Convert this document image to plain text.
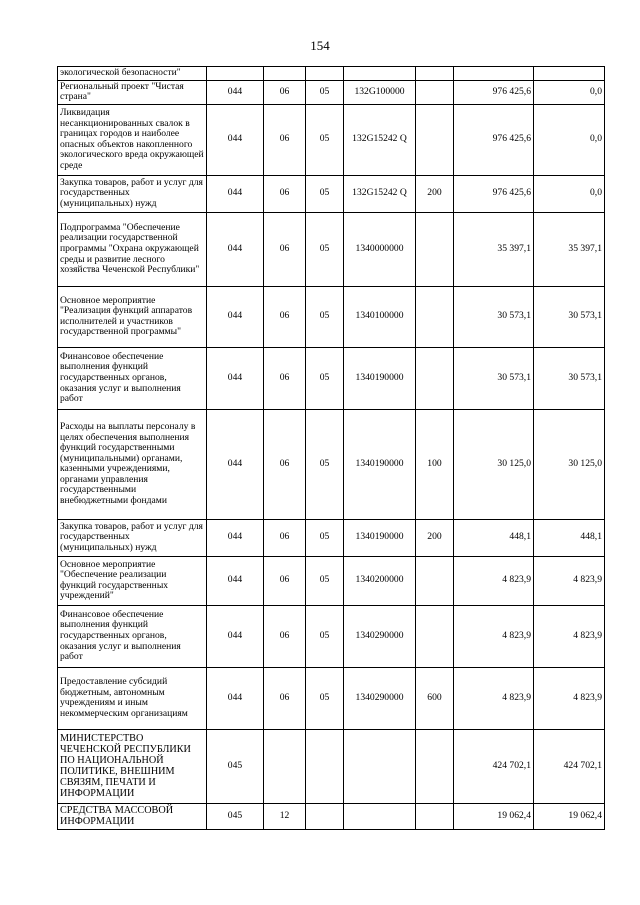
154
экологической безопасности"							
Региональный проект "Чистая страна"	044	06	05	132G100000		976 425,6	0,0
Ликвидация несанкционированных свалок в границах городов и наиболее опасных объектов накопленного экологического вреда окружающей среде	044	06	05	132G15242 Q		976 425,6	0,0
Закупка товаров, работ и услуг для государственных (муниципальных) нужд	044	06	05	132G15242 Q	200	976 425,6	0,0
Подпрограмма "Обеспечение реализации государственной программы "Охрана окружающей среды и развитие лесного хозяйства Чеченской Республики"	044	06	05	1340000000		35 397,1	35 397,1
Основное мероприятие "Реализация функций аппаратов исполнителей и участников государственной программы"	044	06	05	1340100000		30 573,1	30 573,1
Финансовое обеспечение выполнения функций государственных органов, оказания услуг и выполнения работ	044	06	05	1340190000		30 573,1	30 573,1
Расходы на выплаты персоналу в целях обеспечения выполнения функций государственными (муниципальными) органами, казенными учреждениями, органами управления государственными внебюджетными фондами	044	06	05	1340190000	100	30 125,0	30 125,0
Закупка товаров, работ и услуг для государственных (муниципальных) нужд	044	06	05	1340190000	200	448,1	448,1
Основное мероприятие "Обеспечение реализации функций государственных учреждений"	044	06	05	1340200000		4 823,9	4 823,9
Финансовое обеспечение выполнения функций государственных органов, оказания услуг и выполнения работ	044	06	05	1340290000		4 823,9	4 823,9
Предоставление субсидий бюджетным, автономным учреждениям и иным некоммерческим организациям	044	06	05	1340290000	600	4 823,9	4 823,9
МИНИСТЕРСТВО ЧЕЧЕНСКОЙ РЕСПУБЛИКИ ПО НАЦИОНАЛЬНОЙ ПОЛИТИКЕ, ВНЕШНИМ СВЯЗЯМ, ПЕЧАТИ И ИНФОРМАЦИИ	045					424 702,1	424 702,1
СРЕДСТВА МАССОВОЙ ИНФОРМАЦИИ	045	12				19 062,4	19 062,4
